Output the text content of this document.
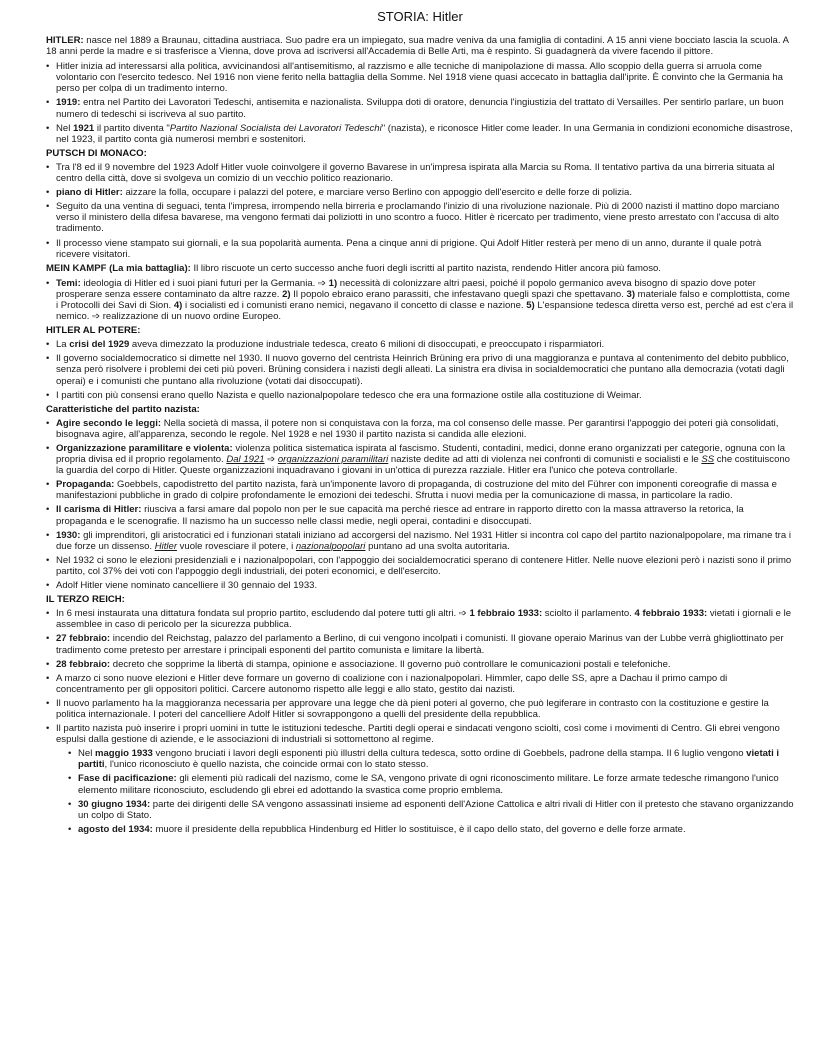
STORIA: Hitler

HITLER: nasce nel 1889 a Braunau, cittadina austriaca. Suo padre era un impiegato, sua madre veniva da una famiglia di contadini. A 15 anni viene bocciato lascia la scuola. A 18 anni perde la madre e si trasferisce a Vienna, dove prova ad iscriversi all'Accademia di Belle Arti, ma è respinto. Si guadagnerà da vivere facendo il pittore.

• Hitler inizia ad interessarsi alla politica, avvicinandosi all'antisemitismo, al razzismo e alle tecniche di manipolazione di massa. Allo scoppio della guerra si arruola come volontario con l'esercito tedesco. Nel 1916 non viene ferito nella battaglia della Somme. Nel 1918 viene quasi accecato in battaglia dall'iprite. È convinto che la Germania ha perso per colpa di un tradimento interno.
• 1919: entra nel Partito dei Lavoratori Tedeschi, antisemita e nazionalista. Sviluppa doti di oratore, denuncia l'ingiustizia del trattato di Versailles. Per sentirlo parlare, un buon numero di tedeschi si iscriveva al suo partito.
• Nel 1921 il partito diventa "Partito Nazional Socialista dei Lavoratori Tedeschi" (nazista), e riconosce Hitler come leader. In una Germania in condizioni economiche disastrose, nel 1923, il partito conta già numerosi membri e sostenitori.
PUTSCH DI MONACO:
• Tra l'8 ed il 9 novembre del 1923 Adolf Hitler vuole coinvolgere il governo Bavarese in un'impresa ispirata alla Marcia su Roma. Il tentativo partiva da una birreria situata al centro della città, dove si svolgeva un comizio di un vecchio politico reazionario.
• piano di Hitler: aizzare la folla, occupare i palazzi del potere, e marciare verso Berlino con appoggio dell'esercito e delle forze di polizia.
• Seguito da una ventina di seguaci, tenta l'impresa, irrompendo nella birreria e proclamando l'inizio di una rivoluzione nazionale. Più di 2000 nazisti il mattino dopo marciano verso il ministero della difesa bavarese, ma vengono fermati dai poliziotti in uno scontro a fuoco. Hitler è ricercato per tradimento, viene presto arrestato con l'accusa di alto tradimento.
• Il processo viene stampato sui giornali, e la sua popolarità aumenta. Pena a cinque anni di prigione. Qui Adolf Hitler resterà per meno di un anno, durante il quale potrà ricevere visitatori.

MEIN KAMPF (La mia battaglia): Il libro riscuote un certo successo anche fuori degli iscritti al partito nazista, rendendo Hitler ancora più famoso.

• Temi: ideologia di Hitler ed i suoi piani futuri per la Germania. ➩ 1) necessità di colonizzare altri paesi, poiché il popolo germanico aveva bisogno di spazio dove poter prosperare senza essere contaminato da altre razze. 2) Il popolo ebraico erano parassiti, che infestavano quegli spazi che spettavano. 3) materiale falso e complottista, come i Protocolli dei Savi di Sion. 4) i socialisti ed i comunisti erano nemici, negavano il concetto di classe e nazione. 5) L'espansione tedesca diretta verso est, perché ad est c'era il nemico. ➩ realizzazione di un nuovo ordine Europeo.
HITLER AL POTERE:
• La crisi del 1929 aveva dimezzato la produzione industriale tedesca, creato 6 milioni di disoccupati, e preoccupato i risparmiatori.
• Il governo socialdemocratico si dimette nel 1930. Il nuovo governo del centrista Heinrich Brüning era privo di una maggioranza e puntava al contenimento del debito pubblico, senza però risolvere i problemi dei ceti più poveri. Brüning considera i nazisti degli alleati. La sinistra era divisa in socialdemocratici che puntano alla democrazia (votati dagli operai) e i comunisti che puntano alla rivoluzione (votati dai disoccupati).
• I partiti con più consensi erano quello Nazista e quello nazionalpopolare tedesco che era una formazione ostile alla costituzione di Weimar.
Caratteristiche del partito nazista:
• Agire secondo le leggi: Nella società di massa, il potere non si conquistava con la forza, ma col consenso delle masse. Per garantirsi l'appoggio dei poteri già consolidati, bisognava agire, all'apparenza, secondo le regole. Nel 1928 e nel 1930 il partito nazista si candida alle elezioni.
• Organizzazione paramilitare e violenta: violenza politica sistematica ispirata al fascismo. Studenti, contadini, medici, donne erano organizzati per categorie, ognuna con la propria divisa ed il proprio regolamento. Dal 1921 ➩ organizzazioni paramilitari naziste dedite ad atti di violenza nei confronti di comunisti e socialisti e le SS che costituiscono la guardia del corpo di Hitler. Queste organizzazioni inquadravano i giovani in un'ottica di purezza razziale. Hitler era l'unico che poteva controllarle.
• Propaganda: Goebbels, capodistretto del partito nazista, farà un'imponente lavoro di propaganda, di costruzione del mito del Führer con imponenti coreografie di massa e manifestazioni pubbliche in grado di colpire profondamente le emozioni dei tedeschi. Sfrutta i nuovi media per la comunicazione di massa, in particolare la radio.
• Il carisma di Hitler: riusciva a farsi amare dal popolo non per le sue capacità ma perché riesce ad entrare in rapporto diretto con la massa attraverso la retorica, la propaganda e le scenografie. Il nazismo ha un successo nelle classi medie, negli operai, contadini e disoccupati.
• 1930: gli imprenditori, gli aristocratici ed i funzionari statali iniziano ad accorgersi del nazismo. Nel 1931 Hitler si incontra col capo del partito nazionalpopolare, ma rimane tra i due forze un dissenso. Hitler vuole rovesciare il potere, i nazionalpopolari puntano ad una svolta autoritaria.
• Nel 1932 ci sono le elezioni presidenziali e i nazionalpopolari, con l'appoggio dei socialdemocratici sperano di contenere Hitler. Nelle nuove elezioni però i nazisti sono il primo partito, col 37% dei voti con l'appoggio degli industriali, dei poteri economici, e dell'esercito.
• Adolf Hitler viene nominato cancelliere il 30 gennaio del 1933.
IL TERZO REICH:
• In 6 mesi instaurata una dittatura fondata sul proprio partito, escludendo dal potere tutti gli altri. ➩ 1 febbraio 1933: sciolto il parlamento. 4 febbraio 1933: vietati i giornali e le assemblee in caso di pericolo per la sicurezza pubblica.
• 27 febbraio: incendio del Reichstag, palazzo del parlamento a Berlino, di cui vengono incolpati i comunisti. Il giovane operaio Marinus van der Lubbe verrà ghigliottinato per tradimento come pretesto per arrestare i principali esponenti del partito comunista e limitare la libertà.
• 28 febbraio: decreto che sopprime la libertà di stampa, opinione e associazione. Il governo può controllare le comunicazioni postali e telefoniche.
• A marzo ci sono nuove elezioni e Hitler deve formare un governo di coalizione con i nazionalpopolari. Himmler, capo delle SS, apre a Dachau il primo campo di concentramento per gli oppositori politici. Carcere autonomo rispetto alle leggi e allo stato, gestito dai nazisti.
• Il nuovo parlamento ha la maggioranza necessaria per approvare una legge che dà pieni poteri al governo, che può legiferare in contrasto con la costituzione e gestire la politica internazionale. I poteri del cancelliere Adolf Hitler si sovrappongono a quelli del presidente della repubblica.
• Il partito nazista può inserire i propri uomini in tutte le istituzioni tedesche. Partiti degli operai e sindacati vengono sciolti, così come i movimenti di Centro. Gli ebrei vengono espulsi dalla gestione di aziende, e le associazioni di industriali si sottomettono al regime.
• Nel maggio 1933 vengono bruciati i lavori degli esponenti più illustri della cultura tedesca, sotto ordine di Goebbels, padrone della stampa. Il 6 luglio vengono vietati i partiti, l'unico riconosciuto è quello nazista, che coincide ormai con lo stato stesso.
• Fase di pacificazione: gli elementi più radicali del nazismo, come le SA, vengono private di ogni riconoscimento militare. Le forze armate tedesche rimangono l'unico elemento militare riconosciuto, escludendo gli ebrei ed adottando la svastica come proprio emblema.
• 30 giugno 1934: parte dei dirigenti delle SA vengono assassinati insieme ad esponenti dell'Azione Cattolica e altri rivali di Hitler con il pretesto che stavano organizzando un colpo di Stato.
• agosto del 1934: muore il presidente della repubblica Hindenburg ed Hitler lo sostituisce, è il capo dello stato, del governo e delle forze armate.
